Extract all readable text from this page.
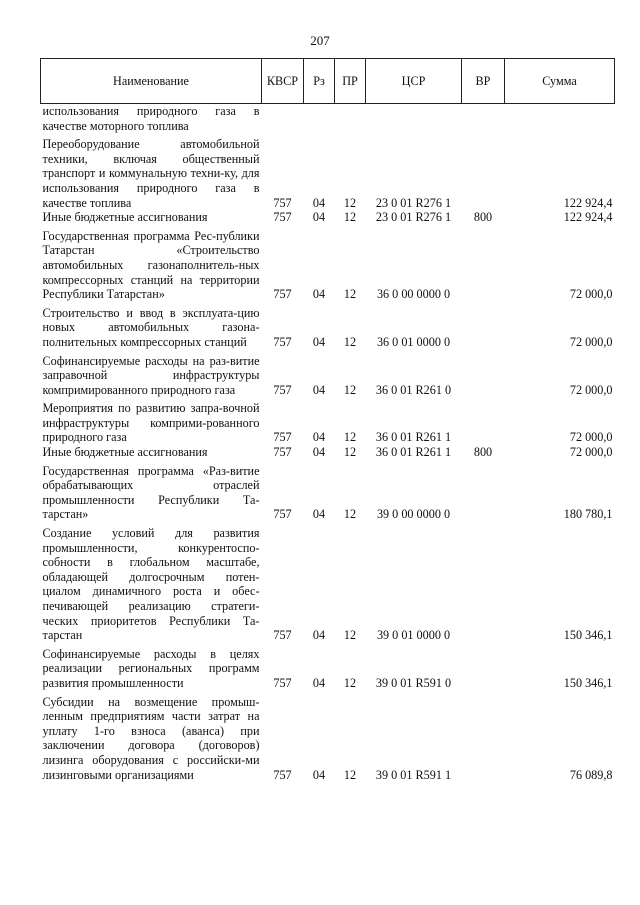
207
Наименование	КВСР	Рз	ПР	ЦСР	ВР	Сумма
использования природного газа в качестве моторного топлива						
Переоборудование автомобильной техники, включая общественный транспорт и коммунальную техни-ку, для использования природного газа в качестве топлива	757	04	12	23 0 01 R276 1		122 924,4
Иные бюджетные ассигнования	757	04	12	23 0 01 R276 1	800	122 924,4
Государственная программа Рес-публики Татарстан «Строительство автомобильных газонаполнитель-ных компрессорных станций на территории Республики Татарстан»	757	04	12	36 0 00 0000 0		72 000,0
Строительство и ввод в эксплуата-цию новых автомобильных газона-полнительных компрессорных станций	757	04	12	36 0 01 0000 0		72 000,0
Софинансируемые расходы на раз-витие заправочной инфраструктуры компримированного природного газа	757	04	12	36 0 01 R261 0		72 000,0
Мероприятия по развитию запра-вочной инфраструктуры комприми-рованного природного газа	757	04	12	36 0 01 R261 1		72 000,0
Иные бюджетные ассигнования	757	04	12	36 0 01 R261 1	800	72 000,0
Государственная программа «Раз-витие обрабатывающих отраслей промышленности Республики Та-тарстан»	757	04	12	39 0 00 0000 0		180 780,1
Создание условий для развития промышленности, конкурентоспо-собности в глобальном масштабе, обладающей долгосрочным потен-циалом динамичного роста и обес-печивающей реализацию стратеги-ческих приоритетов Республики Та-тарстан	757	04	12	39 0 01 0000 0		150 346,1
Софинансируемые расходы в целях реализации региональных программ развития промышленности	757	04	12	39 0 01 R591 0		150 346,1
Субсидии на возмещение промыш-ленным предприятиям части затрат на уплату 1-го взноса (аванса) при заключении договора (договоров) лизинга оборудования с российски-ми лизинговыми организациями	757	04	12	39 0 01 R591 1		76 089,8
